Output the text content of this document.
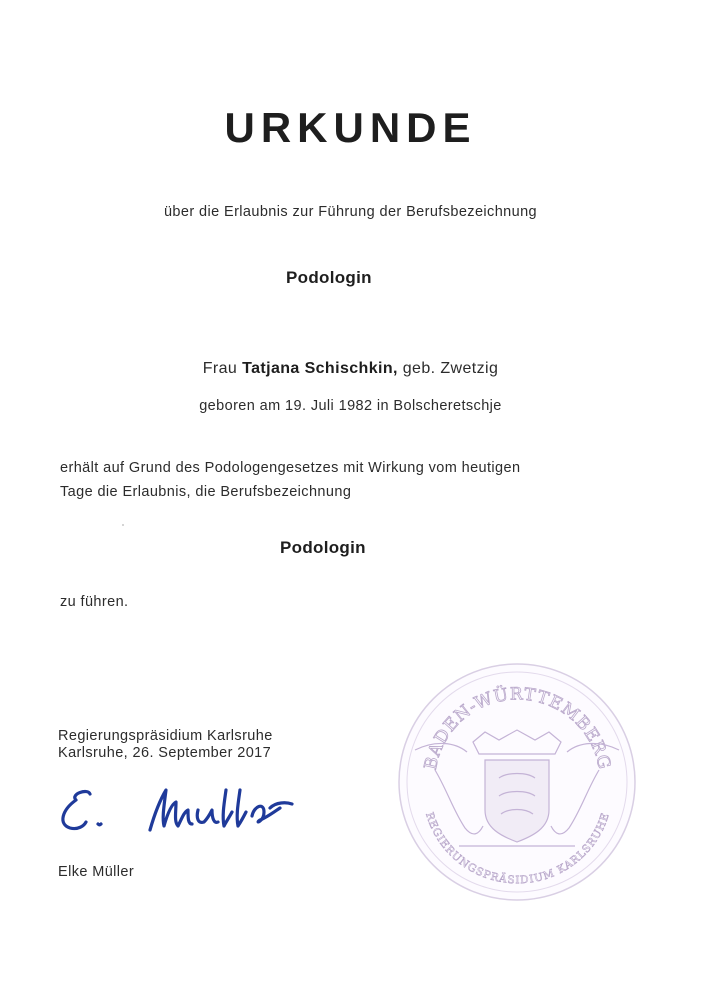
URKUNDE
über die Erlaubnis zur Führung der Berufsbezeichnung
Podologin
Frau Tatjana Schischkin, geb. Zwetzig
geboren am 19. Juli 1982 in Bolscheretschje
erhält auf Grund des Podologengesetzes mit Wirkung vom heutigen
Tage die Erlaubnis, die Berufsbezeichnung
Podologin
zu führen.
Regierungspräsidium Karlsruhe
Karlsruhe, 26. September 2017
Elke Müller
BADEN-WÜRTTEMBERG
REGIERUNGSPRÄSIDIUM KARLSRUHE
